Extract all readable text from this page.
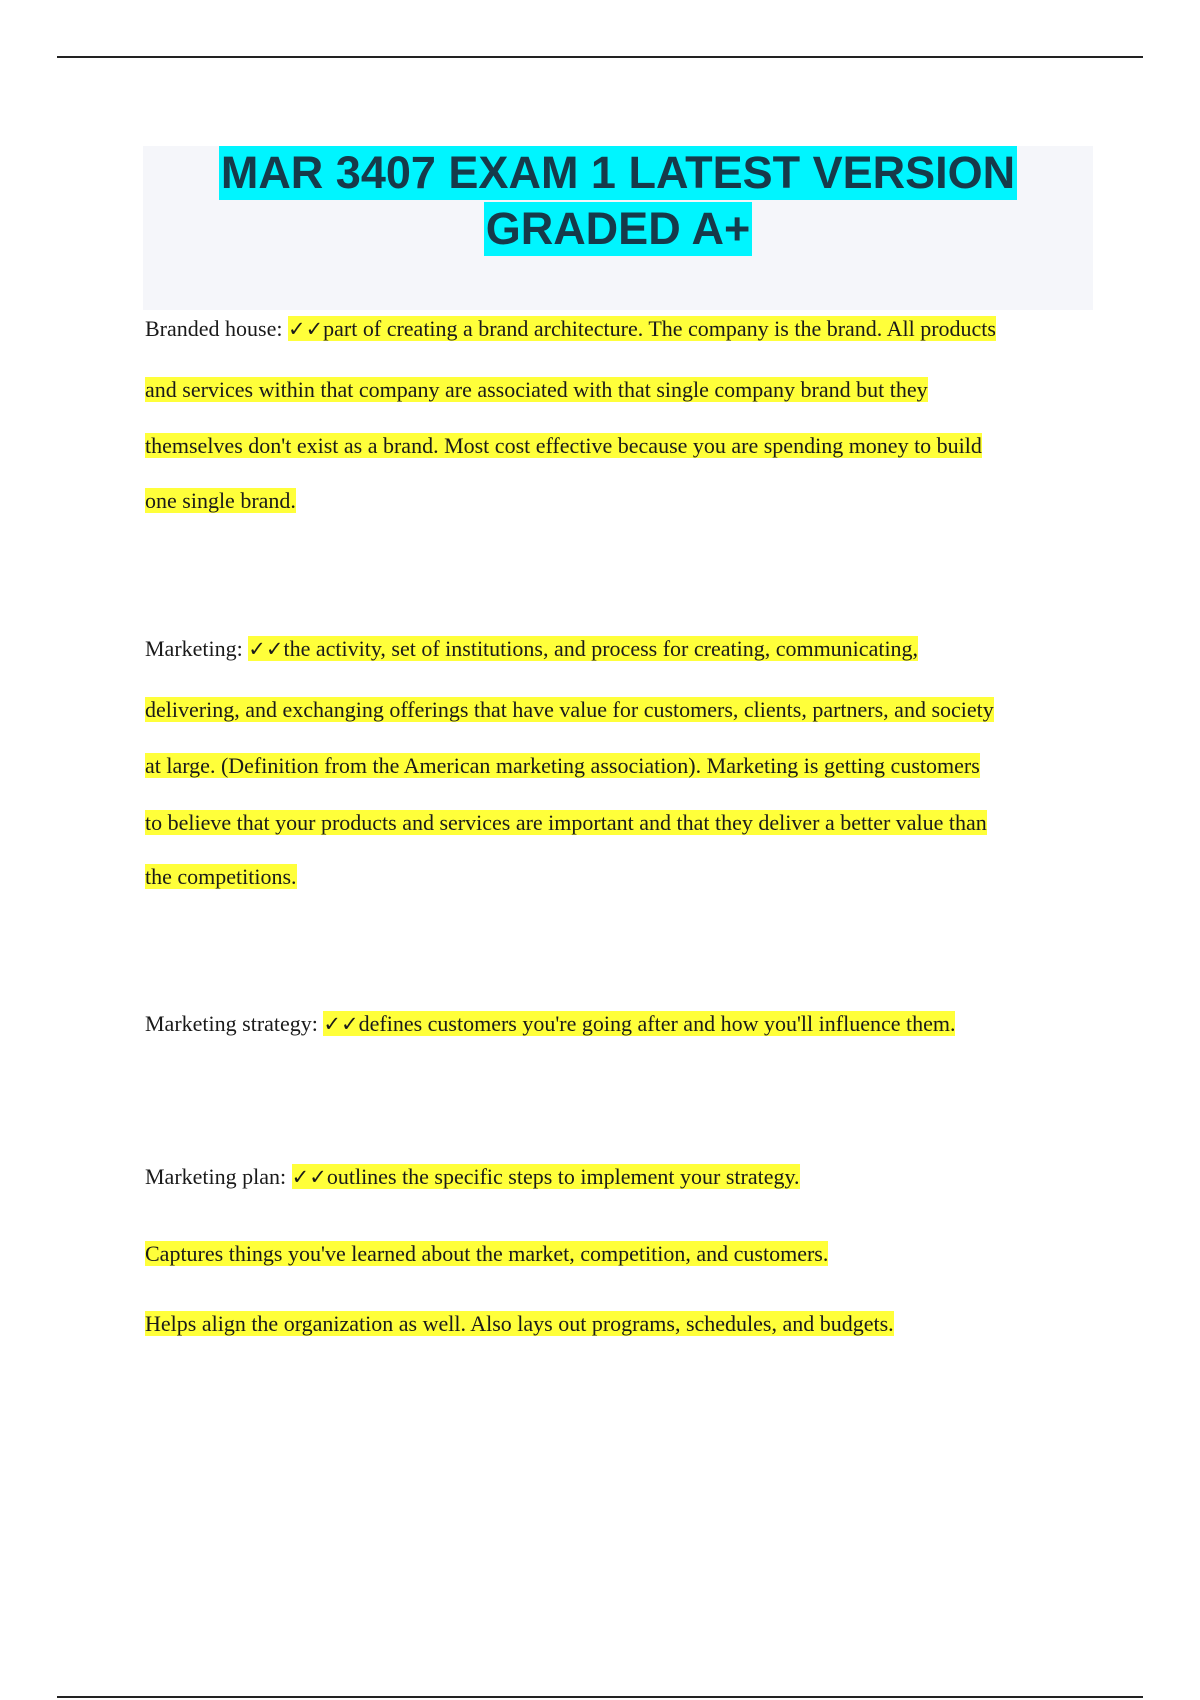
MAR 3407 EXAM 1 LATEST VERSION
GRADED A+
Branded house: ✓✓part of creating a brand architecture. The company is the brand. All products
and services within that company are associated with that single company brand but they
themselves don't exist as a brand. Most cost effective because you are spending money to build
one single brand.
Marketing: ✓✓the activity, set of institutions, and process for creating, communicating,
delivering, and exchanging offerings that have value for customers, clients, partners, and society
at large. (Definition from the American marketing association). Marketing is getting customers
to believe that your products and services are important and that they deliver a better value than
the competitions.
Marketing strategy: ✓✓defines customers you're going after and how you'll influence them.
Marketing plan: ✓✓outlines the specific steps to implement your strategy.
Captures things you've learned about the market, competition, and customers.
Helps align the organization as well. Also lays out programs, schedules, and budgets.
